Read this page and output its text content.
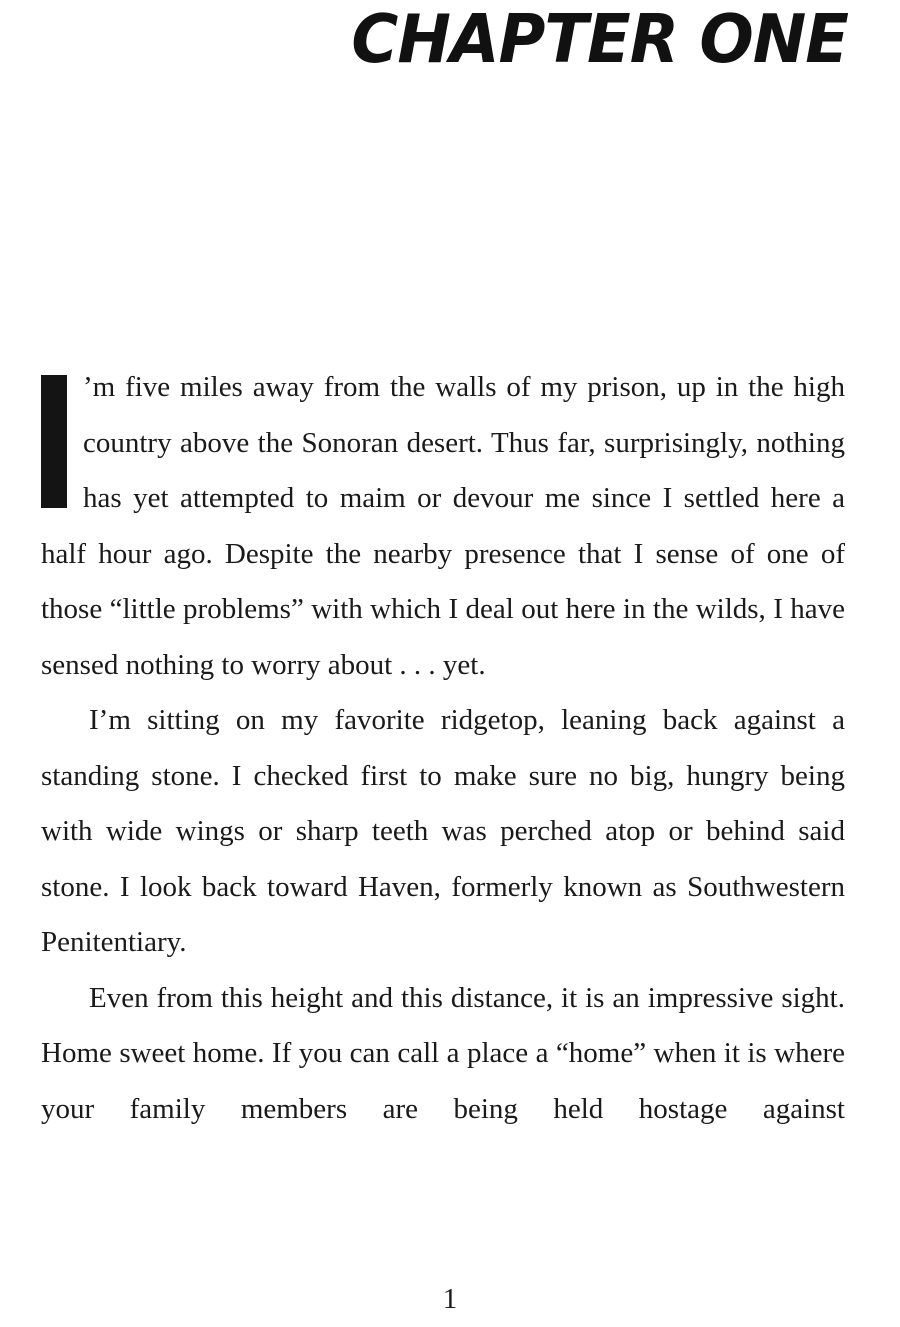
CHAPTER ONE

’m five miles away from the walls of my prison, up in the high country above the Sonoran desert. Thus far, surprisingly, nothing has yet attempted to maim or devour me since I settled here a half hour ago. Despite the nearby presence that I sense of one of those “little problems” with which I deal out here in the wilds, I have sensed nothing to worry about . . . yet.

I’m sitting on my favorite ridgetop, leaning back against a standing stone. I checked first to make sure no big, hungry being with wide wings or sharp teeth was perched atop or behind said stone. I look back toward Haven, formerly known as Southwestern Penitentiary.

Even from this height and this distance, it is an impressive sight. Home sweet home. If you can call a place a “home” when it is where your family members are being held hostage against

1
